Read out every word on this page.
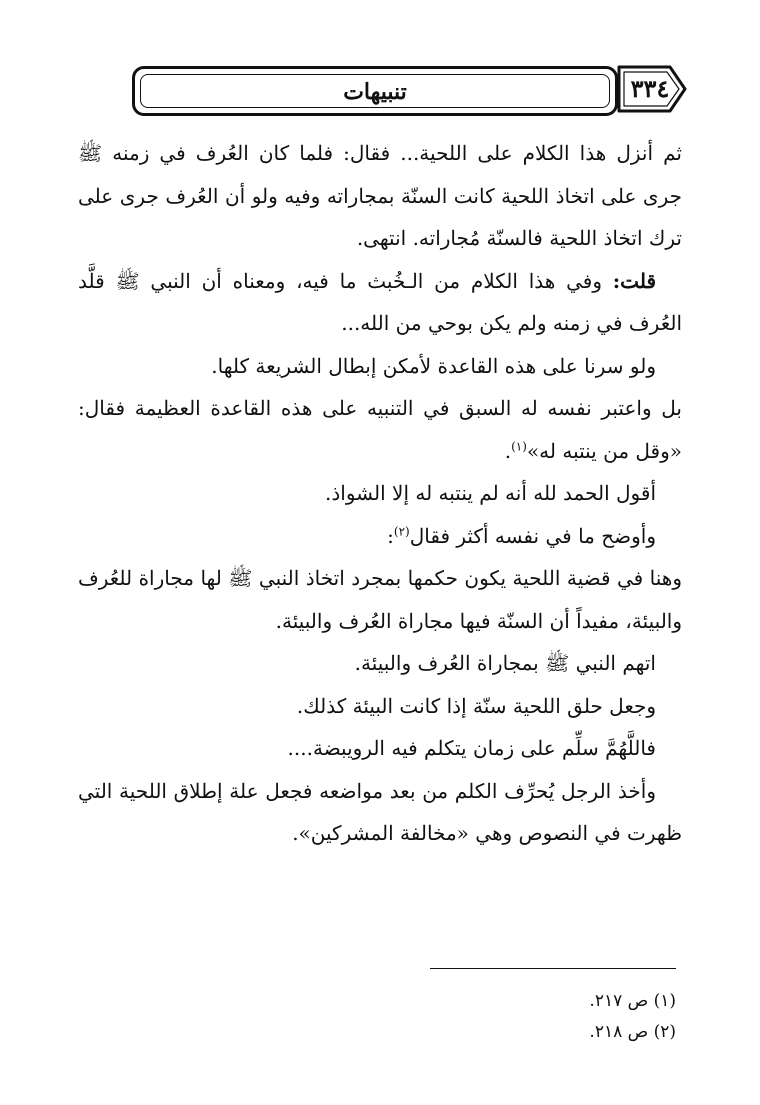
تنبيهات	٣٣٤

ثم أنزل هذا الكلام على اللحية... فقال: فلما كان العُرف في زمنه ﷺ جرى على اتخاذ اللحية كانت السنّة بمجاراته وفيه ولو أن العُرف جرى على ترك اتخاذ اللحية فالسنّة مُجاراته. انتهى.

قلت: وفي هذا الكلام من الـخُبث ما فيه، ومعناه أن النبي ﷺ قلَّد العُرف في زمنه ولم يكن بوحي من الله...

ولو سرنا على هذه القاعدة لأمكن إبطال الشريعة كلها.

بل واعتبر نفسه له السبق في التنبيه على هذه القاعدة العظيمة فقال: «وقل من ينتبه له»$^{(١)}$.

أقول الحمد لله أنه لم ينتبه له إلا الشواذ.

وأوضح ما في نفسه أكثر فقال$^{(٢)}$:

وهنا في قضية اللحية يكون حكمها بمجرد اتخاذ النبي ﷺ لها مجاراة للعُرف والبيئة، مفيداً أن السنّة فيها مجاراة العُرف والبيئة.

اتهم النبي ﷺ بمجاراة العُرف والبيئة.

وجعل حلق اللحية سنّة إذا كانت البيئة كذلك.

فاللَّهُمَّ سلِّم على زمان يتكلم فيه الرويبضة....

وأخذ الرجل يُحرِّف الكلم من بعد مواضعه فجعل علة إطلاق اللحية التي ظهرت في النصوص وهي «مخالفة المشركين».

(١) ص ٢١٧.

(٢) ص ٢١٨.
